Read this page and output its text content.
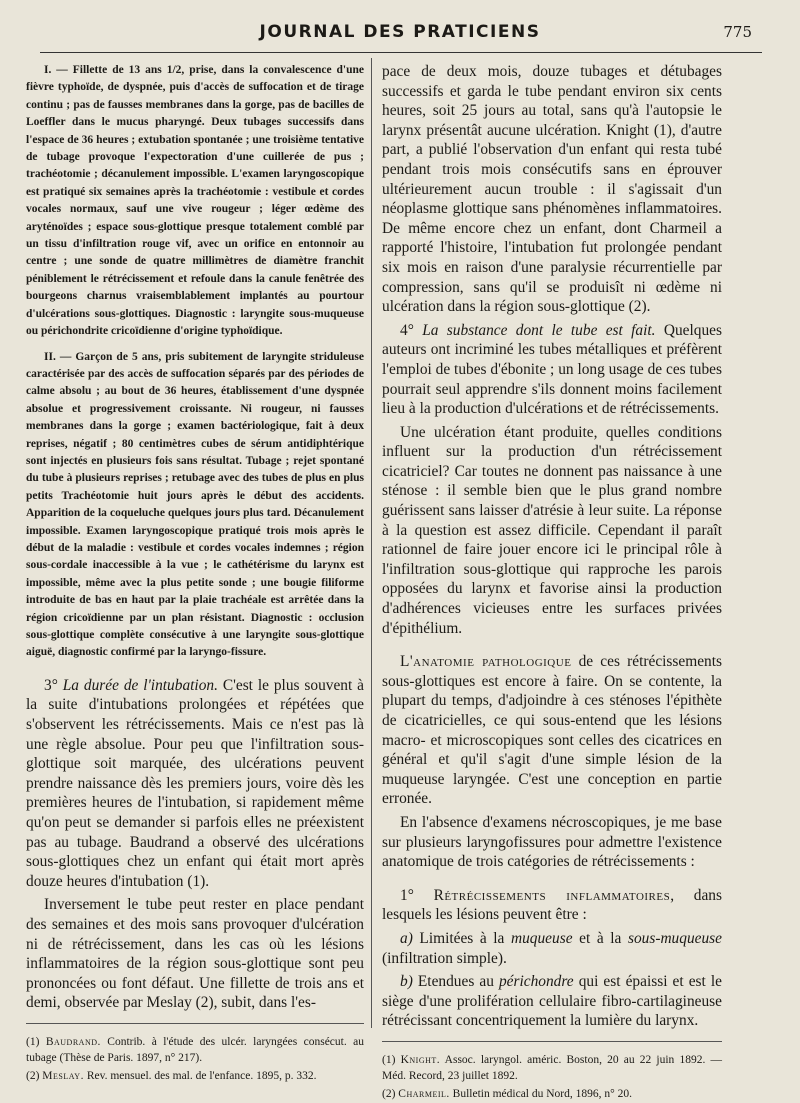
JOURNAL DES PRATICIENS	775

I. — Fillette de 13 ans 1/2, prise, dans la convalescence d'une fièvre typhoïde, de dyspnée, puis d'accès de suffocation et de tirage continu ; pas de fausses membranes dans la gorge, pas de bacilles de Loeffler dans le mucus pharyngé. Deux tubages successifs dans l'espace de 36 heures ; extubation spontanée ; une troisième tentative de tubage provoque l'expectoration d'une cuillerée de pus ; trachéotomie ; décanulement impossible. L'examen laryngoscopique est pratiqué six semaines après la trachéotomie : vestibule et cordes vocales normaux, sauf une vive rougeur ; léger œdème des aryténoïdes ; espace sous-glottique presque totalement comblé par un tissu d'infiltration rouge vif, avec un orifice en entonnoir au centre ; une sonde de quatre millimètres de diamètre franchit péniblement le rétrécissement et refoule dans la canule fenêtrée des bourgeons charnus vraisemblablement implantés au pourtour d'ulcérations sous-glottiques. Diagnostic : laryngite sous-muqueuse ou périchondrite cricoïdienne d'origine typhoïdique.

II. — Garçon de 5 ans, pris subitement de laryngite striduleuse caractérisée par des accès de suffocation séparés par des périodes de calme absolu ; au bout de 36 heures, établissement d'une dyspnée absolue et progressivement croissante. Ni rougeur, ni fausses membranes dans la gorge ; examen bactériologique, fait à deux reprises, négatif ; 80 centimètres cubes de sérum antidiphtérique sont injectés en plusieurs fois sans résultat. Tubage ; rejet spontané du tube à plusieurs reprises ; retubage avec des tubes de plus en plus petits Trachéotomie huit jours après le début des accidents. Apparition de la coqueluche quelques jours plus tard. Décanulement impossible. Examen laryngoscopique pratiqué trois mois après le début de la maladie : vestibule et cordes vocales indemnes ; région sous-cordale inaccessible à la vue ; le cathétérisme du larynx est impossible, même avec la plus petite sonde ; une bougie filiforme introduite de bas en haut par la plaie trachéale est arrêtée dans la région cricoïdienne par un plan résistant. Diagnostic : occlusion sous-glottique complète consécutive à une laryngite sous-glottique aiguë, diagnostic confirmé par la laryngo-fissure.

3° La durée de l'intubation. C'est le plus souvent à la suite d'intubations prolongées et répétées que s'observent les rétrécissements. Mais ce n'est pas là une règle absolue. Pour peu que l'infiltration sous-glottique soit marquée, des ulcérations peuvent prendre naissance dès les premiers jours, voire dès les premières heures de l'intubation, si rapidement même qu'on peut se demander si parfois elles ne préexistent pas au tubage. Baudrand a observé des ulcérations sous-glottiques chez un enfant qui était mort après douze heures d'intubation (1).

Inversement le tube peut rester en place pendant des semaines et des mois sans provoquer d'ulcération ni de rétrécissement, dans les cas où les lésions inflammatoires de la région sous-glottique sont peu prononcées ou font défaut. Une fillette de trois ans et demi, observée par Meslay (2), subit, dans l'es-

(1) Baudrand. Contrib. à l'étude des ulcér. laryngées consécut. au tubage (Thèse de Paris. 1897, n° 217).

(2) Meslay. Rev. mensuel. des mal. de l'enfance. 1895, p. 332.

pace de deux mois, douze tubages et détubages successifs et garda le tube pendant environ six cents heures, soit 25 jours au total, sans qu'à l'autopsie le larynx présentât aucune ulcération. Knight (1), d'autre part, a publié l'observation d'un enfant qui resta tubé pendant trois mois consécutifs sans en éprouver ultérieurement aucun trouble : il s'agissait d'un néoplasme glottique sans phénomènes inflammatoires. De même encore chez un enfant, dont Charmeil a rapporté l'histoire, l'intubation fut prolongée pendant six mois en raison d'une paralysie récurrentielle par compression, sans qu'il se produisît ni œdème ni ulcération dans la région sous-glottique (2).

4° La substance dont le tube est fait. Quelques auteurs ont incriminé les tubes métalliques et préfèrent l'emploi de tubes d'ébonite ; un long usage de ces tubes pourrait seul apprendre s'ils donnent moins facilement lieu à la production d'ulcérations et de rétrécissements.

Une ulcération étant produite, quelles conditions influent sur la production d'un rétrécissement cicatriciel? Car toutes ne donnent pas naissance à une sténose : il semble bien que le plus grand nombre guérissent sans laisser d'atrésie à leur suite. La réponse à la question est assez difficile. Cependant il paraît rationnel de faire jouer encore ici le principal rôle à l'infiltration sous-glottique qui rapproche les parois opposées du larynx et favorise ainsi la production d'adhérences vicieuses entre les surfaces privées d'épithélium.

L'anatomie pathologique de ces rétrécissements sous-glottiques est encore à faire. On se contente, la plupart du temps, d'adjoindre à ces sténoses l'épithète de cicatricielles, ce qui sous-entend que les lésions macro- et microscopiques sont celles des cicatrices en général et qu'il s'agit d'une simple lésion de la muqueuse laryngée. C'est une conception en partie erronée.

En l'absence d'examens nécroscopiques, je me base sur plusieurs laryngofissures pour admettre l'existence anatomique de trois catégories de rétrécissements :

1° Rétrécissements inflammatoires, dans lesquels les lésions peuvent être :

a) Limitées à la muqueuse et à la sous-muqueuse (infiltration simple).

b) Etendues au périchondre qui est épaissi et est le siège d'une prolifération cellulaire fibro-cartilagineuse rétrécissant concentriquement la lumière du larynx.

(1) Knight. Assoc. laryngol. améric. Boston, 20 au 22 juin 1892. — Méd. Record, 23 juillet 1892.

(2) Charmeil. Bulletin médical du Nord, 1896, n° 20.
